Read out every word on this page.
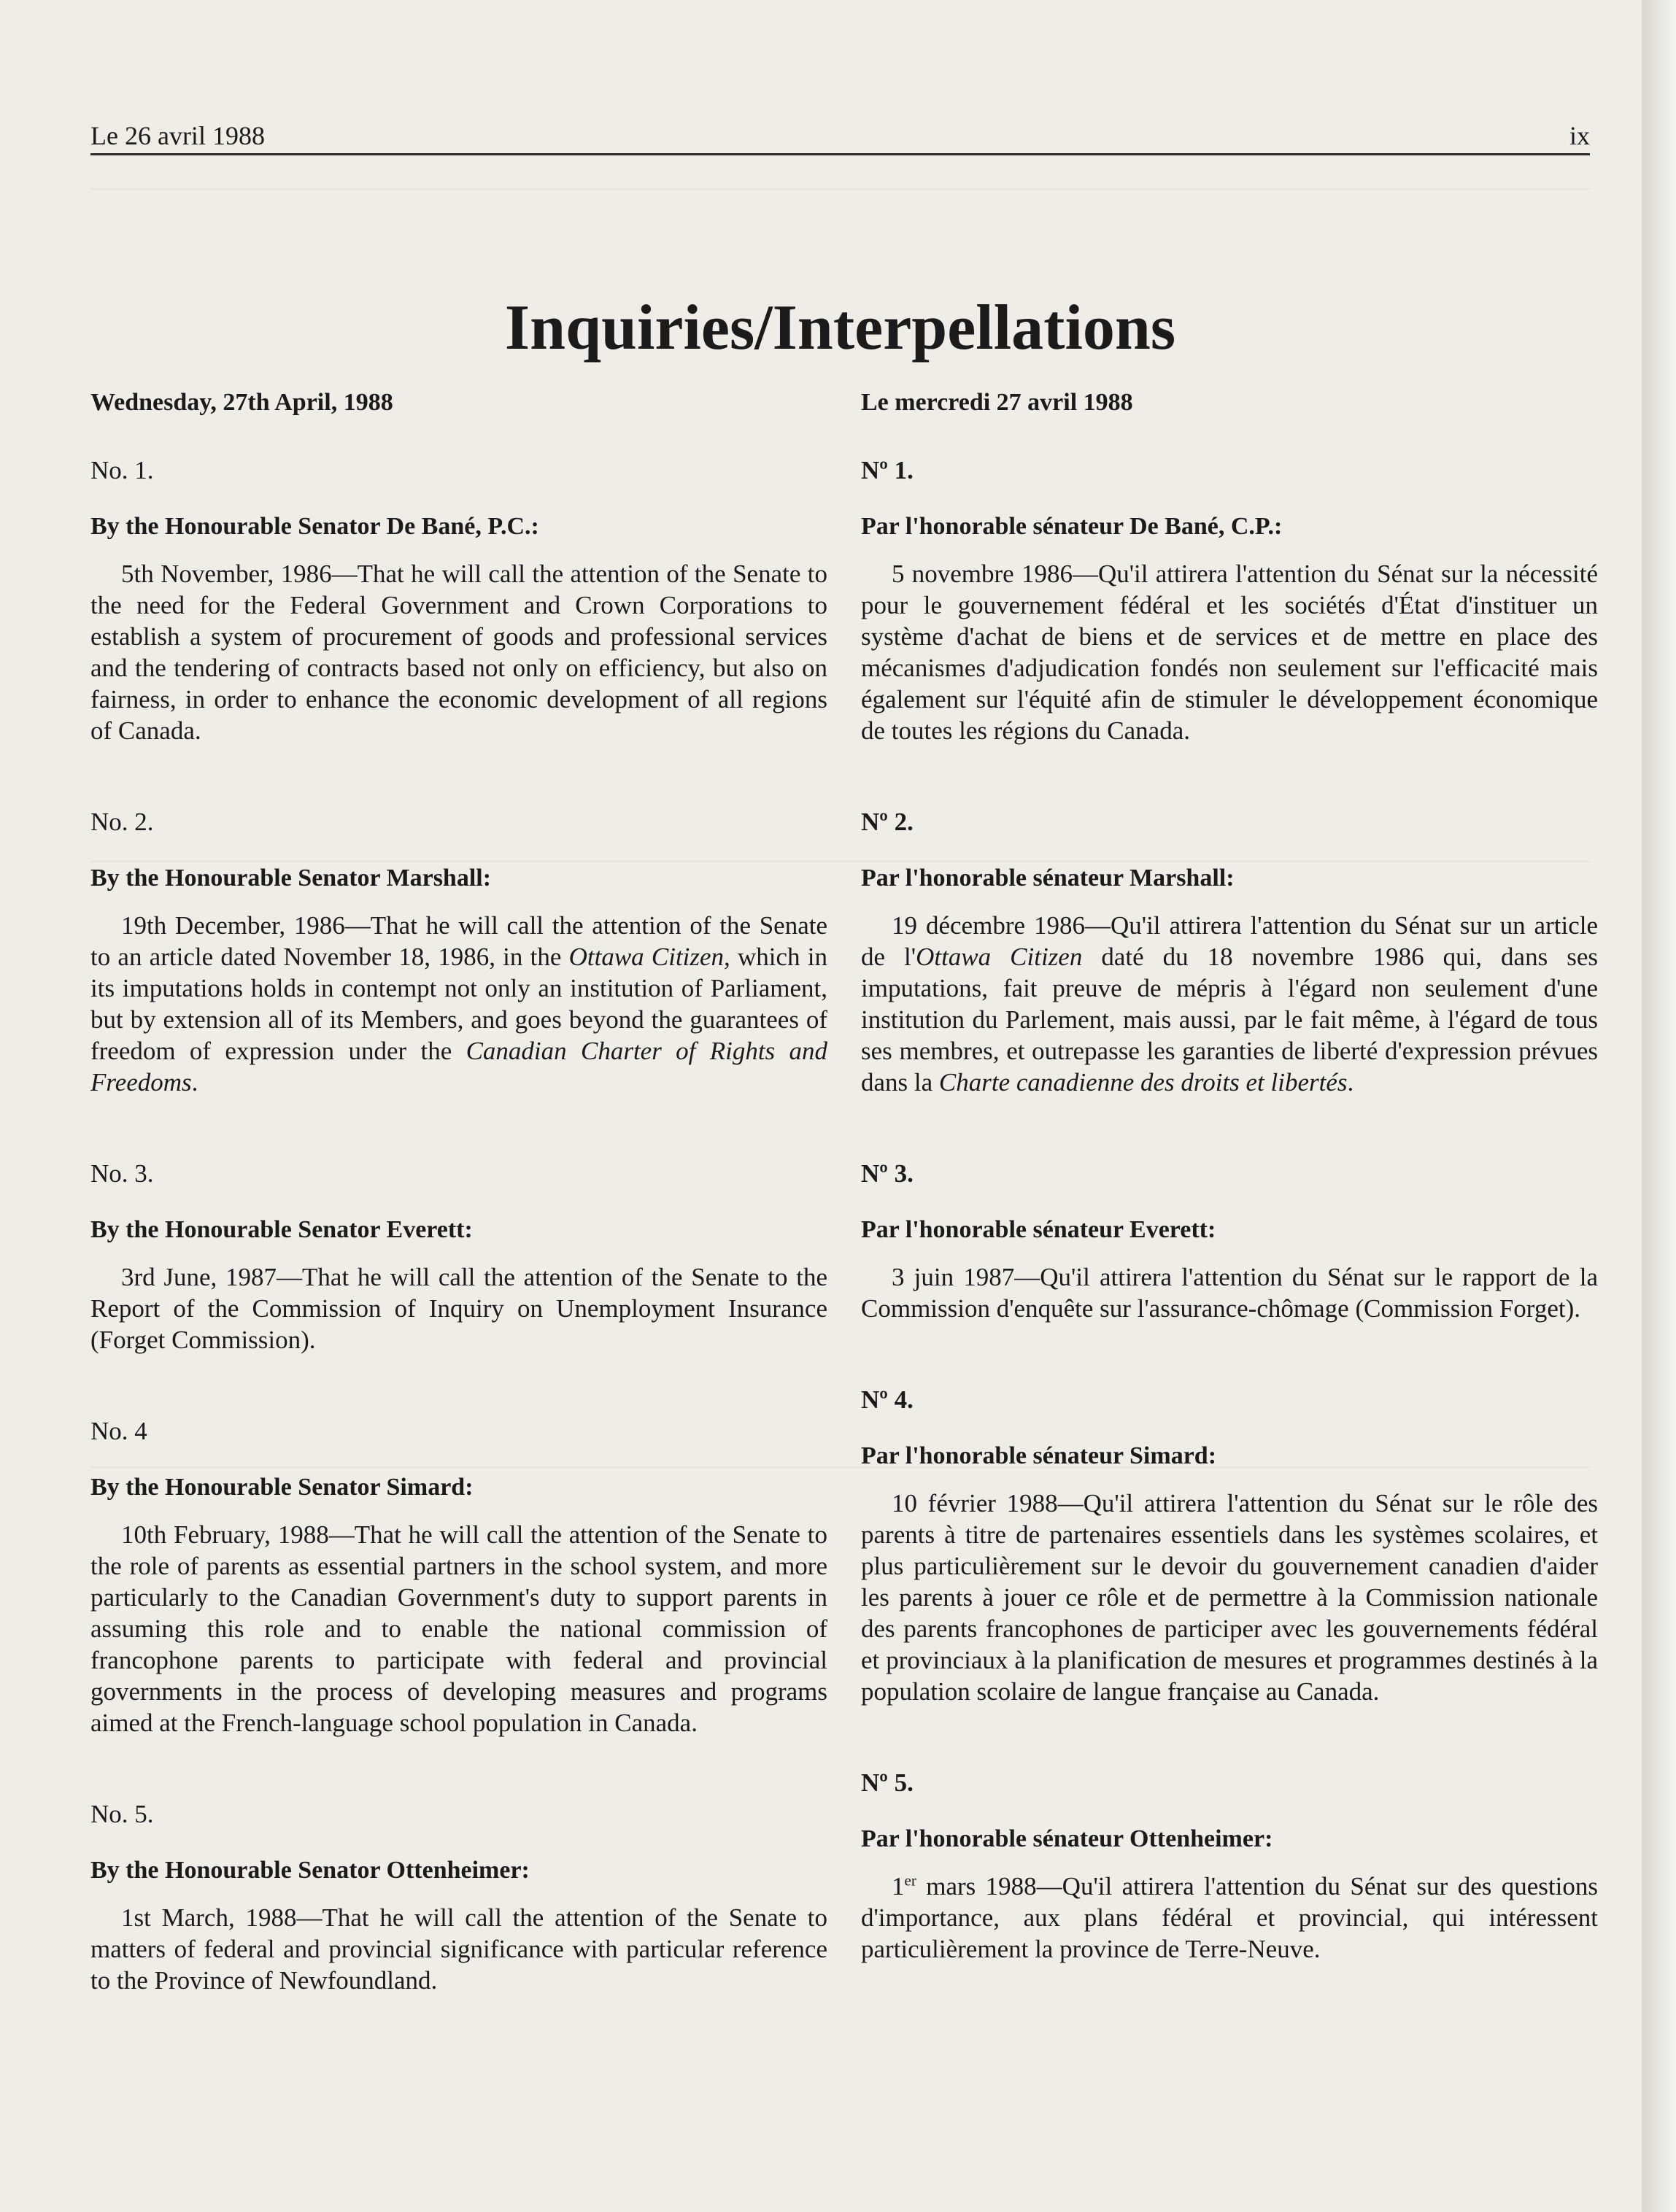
Le 26 avril 1988	ix
Inquiries/Interpellations
Wednesday, 27th April, 1988
No. 1.
By the Honourable Senator De Bané, P.C.:

5th November, 1986—That he will call the attention of the Senate to the need for the Federal Government and Crown Corporations to establish a system of procurement of goods and professional services and the tendering of contracts based not only on efficiency, but also on fairness, in order to enhance the economic development of all regions of Canada.

No. 2.
By the Honourable Senator Marshall:

19th December, 1986—That he will call the attention of the Senate to an article dated November 18, 1986, in the Ottawa Citizen, which in its imputations holds in contempt not only an institution of Parliament, but by extension all of its Members, and goes beyond the guarantees of freedom of expression under the Canadian Charter of Rights and Freedoms.

No. 3.
By the Honourable Senator Everett:

3rd June, 1987—That he will call the attention of the Senate to the Report of the Commission of Inquiry on Unemployment Insurance (Forget Commission).

No. 4
By the Honourable Senator Simard:

10th February, 1988—That he will call the attention of the Senate to the role of parents as essential partners in the school system, and more particularly to the Canadian Government's duty to support parents in assuming this role and to enable the national commission of francophone parents to participate with federal and provincial governments in the process of developing measures and programs aimed at the French-language school population in Canada.

No. 5.
By the Honourable Senator Ottenheimer:

1st March, 1988—That he will call the attention of the Senate to matters of federal and provincial significance with particular reference to the Province of Newfoundland.

Le mercredi 27 avril 1988
Nº 1.
Par l'honorable sénateur De Bané, C.P.:

5 novembre 1986—Qu'il attirera l'attention du Sénat sur la nécessité pour le gouvernement fédéral et les sociétés d'État d'instituer un système d'achat de biens et de services et de mettre en place des mécanismes d'adjudication fondés non seulement sur l'efficacité mais également sur l'équité afin de stimuler le développement économique de toutes les régions du Canada.

Nº 2.
Par l'honorable sénateur Marshall:

19 décembre 1986—Qu'il attirera l'attention du Sénat sur un article de l'Ottawa Citizen daté du 18 novembre 1986 qui, dans ses imputations, fait preuve de mépris à l'égard non seulement d'une institution du Parlement, mais aussi, par le fait même, à l'égard de tous ses membres, et outrepasse les garanties de liberté d'expression prévues dans la Charte canadienne des droits et libertés.

Nº 3.
Par l'honorable sénateur Everett:

3 juin 1987—Qu'il attirera l'attention du Sénat sur le rapport de la Commission d'enquête sur l'assurance-chômage (Commission Forget).

Nº 4.
Par l'honorable sénateur Simard:

10 février 1988—Qu'il attirera l'attention du Sénat sur le rôle des parents à titre de partenaires essentiels dans les systèmes scolaires, et plus particulièrement sur le devoir du gouvernement canadien d'aider les parents à jouer ce rôle et de permettre à la Commission nationale des parents francophones de participer avec les gouvernements fédéral et provinciaux à la planification de mesures et programmes destinés à la population scolaire de langue française au Canada.

Nº 5.
Par l'honorable sénateur Ottenheimer:

1er mars 1988—Qu'il attirera l'attention du Sénat sur des questions d'importance, aux plans fédéral et provincial, qui intéressent particulièrement la province de Terre-Neuve.
